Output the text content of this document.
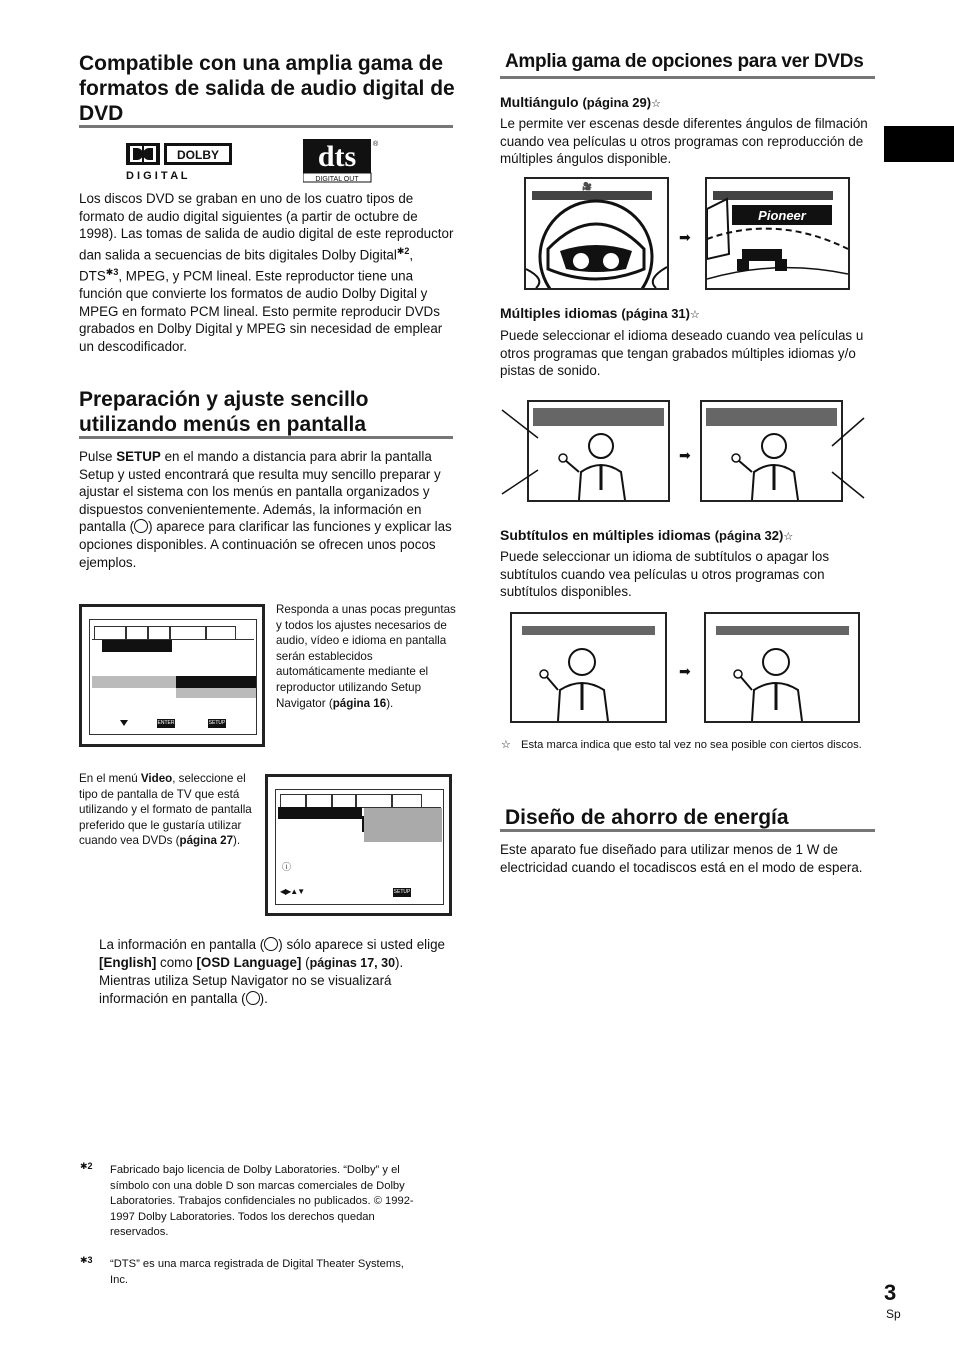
Compatible con una amplia gama de formatos de salida de audio digital de DVD
DOLBY
D I G I T A L
dts
DIGITAL OUT
®
Los discos DVD se graban en uno de los cuatro tipos de formato de audio digital siguientes (a partir de octubre de 1998). Las tomas de salida de audio digital de este reproductor dan salida a secuencias de bits digitales Dolby Digital$^{✱2}$, $DTS^{✱3}$, MPEG, y PCM lineal. Este reproductor tiene una función que convierte los formatos de audio Dolby Digital y MPEG en formato PCM lineal. Esto permite reproducir DVDs grabados en Dolby Digital y MPEG sin necesidad de emplear un descodificador.
Preparación y ajuste sencillo utilizando menús en pantalla
Pulse SETUP en el mando a distancia para abrir la pantalla Setup y usted encontrará que resulta muy sencillo preparar y ajustar el sistema con los menús en pantalla organizados y dispuestos convenientemente. Además, la información en pantalla ( ) aparece para clarificar las funciones y explicar las opciones disponibles. A continuación se ofrecen unos pocos ejemplos.
ENTER	SETUP
Responda a unas pocas preguntas y todos los ajustes necesarios de audio, vídeo e idioma en pantalla serán establecidos automáticamente mediante el reproductor utilizando Setup Navigator (página 16).
En el menú Video, seleccione el tipo de pantalla de TV que está utilizando y el formato de pantalla preferido que le gustaría utilizar cuando vea DVDs (página 27).
ⓘ
◀▶▲▼	SETUP
La información en pantalla ( ) sólo aparece si usted elige [English] como [OSD Language] (páginas 17, 30).
Mientras utiliza Setup Navigator no se visualizará información en pantalla ( ).
✱2 Fabricado bajo licencia de Dolby Laboratories. “Dolby” y el símbolo con una doble D son marcas comerciales de Dolby Laboratories. Trabajos confidenciales no publicados. © 1992-1997 Dolby Laboratories. Todos los derechos quedan reservados.
✱3 “DTS” es una marca registrada de Digital Theater Systems, Inc.
Amplia gama de opciones para ver DVDs
Multiángulo (página 29)☆
Le permite ver escenas desde diferentes ángulos de filmación cuando vea películas u otros programas con reproducción de múltiples ángulos disponible.
🎥
➡
Pioneer
Múltiples idiomas (página 31)☆
Puede seleccionar el idioma deseado cuando vea películas u otros programas que tengan grabados múltiples idiomas y/o pistas de sonido.
➡
Subtítulos en múltiples idiomas (página 32)☆
Puede seleccionar un idioma de subtítulos o apagar los subtítulos cuando vea películas u otros programas con subtítulos disponibles.
➡
☆ Esta marca indica que esto tal vez no sea posible con ciertos discos.
Diseño de ahorro de energía
Este aparato fue diseñado para utilizar menos de 1 W de electricidad cuando el tocadiscos está en el modo de espera.
3
Sp
